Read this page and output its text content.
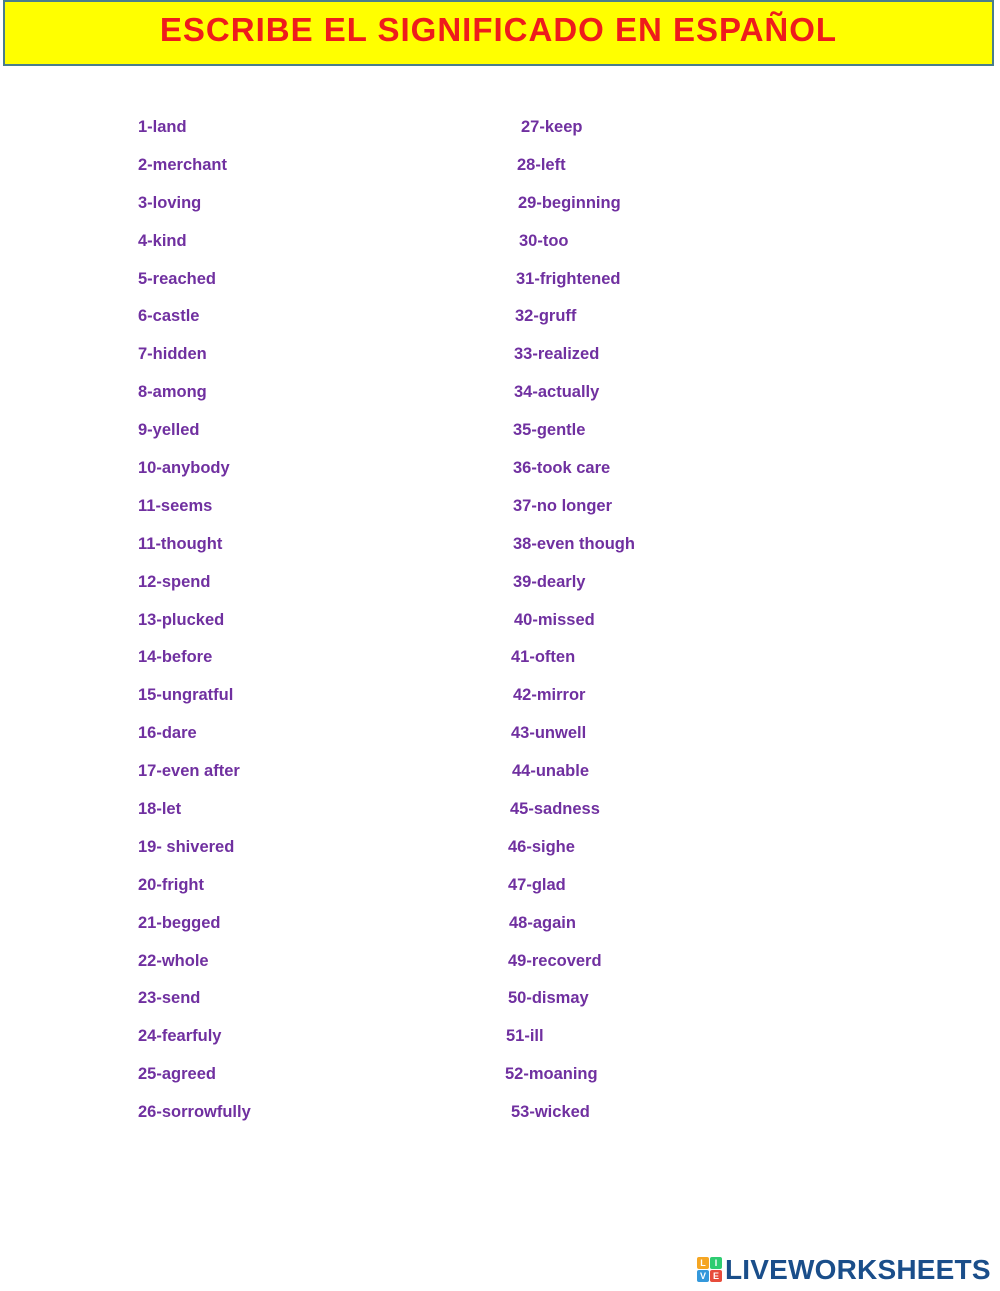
ESCRIBE EL SIGNIFICADO EN ESPAÑOL
1-land
2-merchant
3-loving
4-kind
5-reached
6-castle
7-hidden
8-among
9-yelled
10-anybody
11-seems
11-thought
12-spend
13-plucked
14-before
15-ungratful
16-dare
17-even after
18-let
19- shivered
20-fright
21-begged
22-whole
23-send
24-fearfuly
25-agreed
26-sorrowfully
27-keep
28-left
29-beginning
30-too
31-frightened
32-gruff
33-realized
34-actually
35-gentle
36-took care
37-no longer
38-even though
39-dearly
40-missed
41-often
42-mirror
43-unwell
44-unable
45-sadness
46-sighe
47-glad
48-again
49-recoverd
50-dismay
51-ill
52-moaning
53-wicked
L I
V E LIVEWORKSHEETS
